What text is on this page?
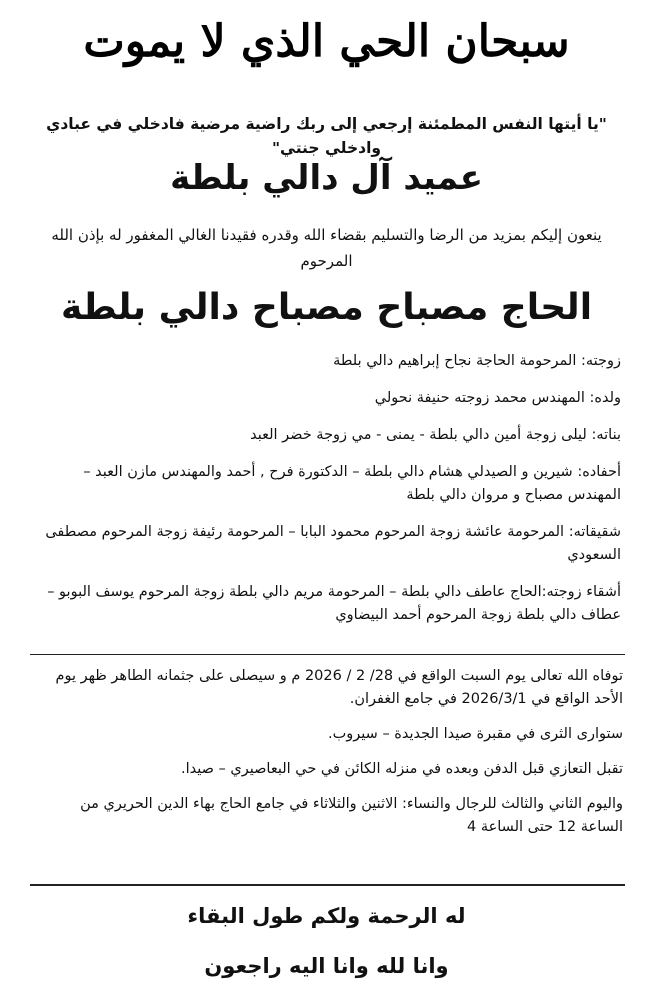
سبحان الحي الذي لا يموت
"يا أيتها النفس المطمئنة إرجعي إلى ربك راضية مرضية فادخلي في عبادي وادخلي جنتي"
عميد آل دالي بلطة
ينعون إليكم بمزيد من الرضا والتسليم بقضاء الله وقدره فقيدنا الغالي المغفور له بإذن الله المرحوم
الحاج مصباح مصباح دالي بلطة
زوجته: المرحومة الحاجة نجاح إبراهيم دالي بلطة
ولده: المهندس محمد زوجته حنيفة نحولي
بناته: ليلى زوجة أمين دالي بلطة - يمنى - مي زوجة خضر العبد
أحفاده: شيرين و الصيدلي هشام دالي بلطة – الدكتورة فرح , أحمد والمهندس مازن العبد – المهندس مصباح و مروان دالي بلطة
شقيقاته: المرحومة عائشة زوجة المرحوم محمود البابا – المرحومة رئيفة زوجة المرحوم مصطفى السعودي
أشقاء زوجته:الحاج عاطف دالي بلطة – المرحومة مريم دالي بلطة زوجة المرحوم يوسف البوبو – عطاف دالي بلطة زوجة المرحوم أحمد البيضاوي

توفاه الله تعالى يوم السبت الواقع في 28/ 2 / 2026 م و سيصلى على جثمانه الطاهر ظهر يوم الأحد الواقع في 2026/3/1 في جامع الغفران.

ستوارى الثرى في مقبرة صيدا الجديدة – سيروب.

تقبل التعازي قبل الدفن وبعده في منزله الكائن في حي البعاصيري – صيدا.

واليوم الثاني والثالث للرجال والنساء: الاثنين والثلاثاء في جامع الحاج بهاء الدين الحريري من الساعة 12 حتى الساعة 4

له الرحمة ولكم طول البقاء
وانا لله وانا اليه راجعون
